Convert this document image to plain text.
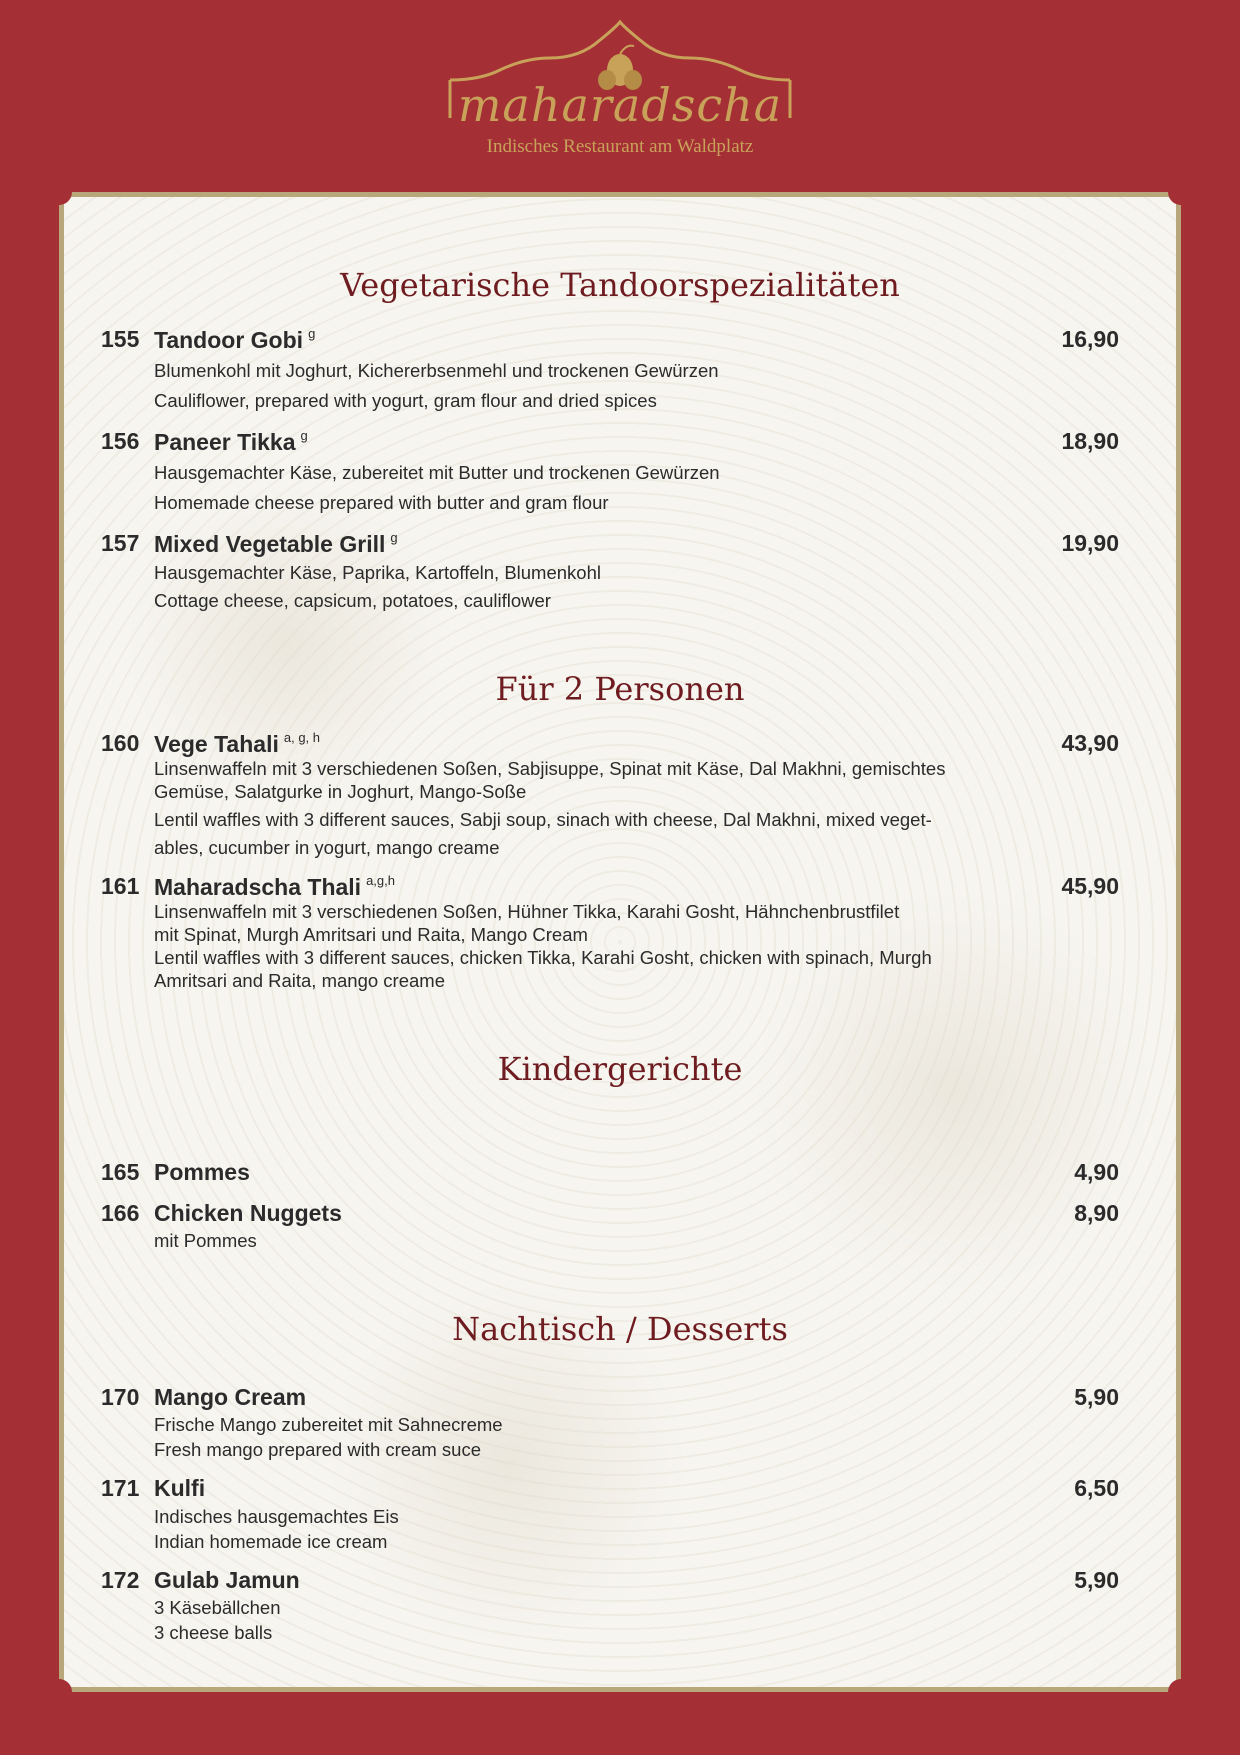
maharadscha
Indisches Restaurant am Waldplatz
Vegetarische Tandoorspezialitäten
155 Tandoor Gobi $^g$	16,90
Blumenkohl mit Joghurt, Kichererbsenmehl und trockenen Gewürzen
Cauliflower, prepared with yogurt, gram flour and dried spices
156 Paneer Tikka $^g$	18,90
Hausgemachter Käse, zubereitet mit Butter und trockenen Gewürzen
Homemade cheese prepared with butter and gram flour
157 Mixed Vegetable Grill $^g$	19,90
Hausgemachter Käse, Paprika, Kartoffeln, Blumenkohl
Cottage cheese, capsicum, potatoes, cauliflower
Für 2 Personen
160 Vege Tahali $^{a, g, h}$	43,90
Linsenwaffeln mit 3 verschiedenen Soßen, Sabjisuppe, Spinat mit Käse, Dal Makhni, gemischtes
Gemüse, Salatgurke in Joghurt, Mango-Soße
Lentil waffles with 3 different sauces, Sabji soup, sinach with cheese, Dal Makhni, mixed veget-
ables, cucumber in yogurt, mango creame
161 Maharadscha Thali $^{a,g,h}$	45,90
Linsenwaffeln mit 3 verschiedenen Soßen, Hühner Tikka, Karahi Gosht, Hähnchenbrustfilet
mit Spinat, Murgh Amritsari und Raita, Mango Cream
Lentil waffles with 3 different sauces, chicken Tikka, Karahi Gosht, chicken with spinach, Murgh
Amritsari and Raita, mango creame
Kindergerichte
165 Pommes	4,90
166 Chicken Nuggets	8,90
mit Pommes
Nachtisch / Desserts
170 Mango Cream	5,90
Frische Mango zubereitet mit Sahnecreme
Fresh mango prepared with cream suce
171 Kulfi	6,50
Indisches hausgemachtes Eis
Indian homemade ice cream
172 Gulab Jamun	5,90
3 Käsebällchen
3 cheese balls
